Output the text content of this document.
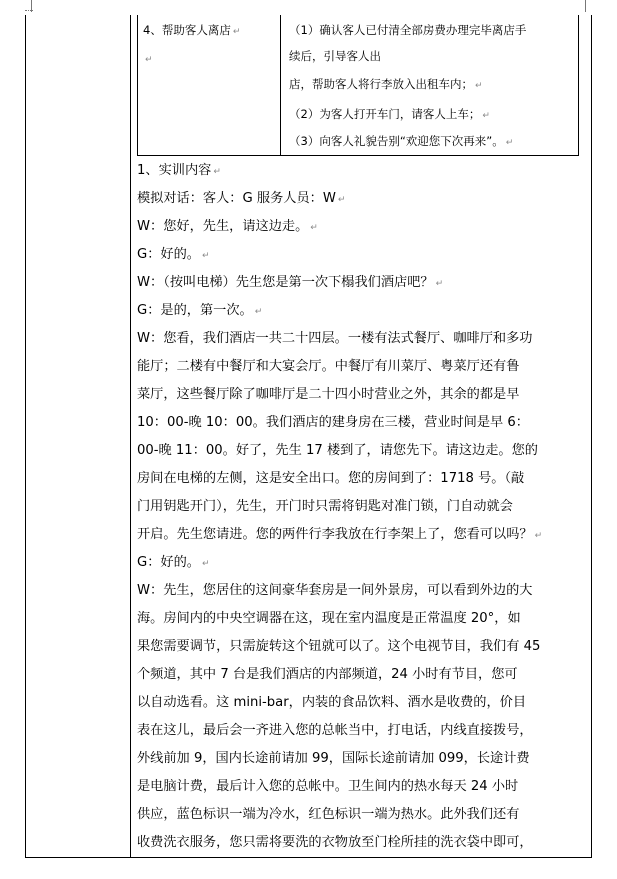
4、帮助客人离店 ↵
↵
（1）确认客人已付清全部房费办理完毕离店手
续后，引导客人出
店，帮助客人将行李放入出租车内； ↵
（2）为客人打开车门，请客人上车； ↵
（3）向客人礼貌告别“欢迎您下次再来”。 ↵
1、实训内容 ↵
模拟对话：客人：G 服务人员：W ↵
W：您好，先生，请这边走。 ↵
G：好的。 ↵
W：（按叫电梯）先生您是第一次下榻我们酒店吧？ ↵
G：是的，第一次。 ↵
W：您看，我们酒店一共二十四层。一楼有法式餐厅、咖啡厅和多功
能厅；二楼有中餐厅和大宴会厅。中餐厅有川菜厅、粤菜厅还有鲁
菜厅，这些餐厅除了咖啡厅是二十四小时营业之外，其余的都是早
10：00-晚 10：00。我们酒店的建身房在三楼，营业时间是早 6：
00-晚 11：00。好了，先生 17 楼到了，请您先下。请这边走。您的
房间在电梯的左侧，这是安全出口。您的房间到了：1718 号。（敲
门用钥匙开门），先生，开门时只需将钥匙对准门锁，门自动就会
开启。先生您请进。您的两件行李我放在行李架上了，您看可以吗？ ↵
G：好的。 ↵
W：先生，您居住的这间豪华套房是一间外景房，可以看到外边的大
海。房间内的中央空调器在这，现在室内温度是正常温度 20°，如
果您需要调节，只需旋转这个钮就可以了。这个电视节目，我们有 45
个频道，其中 7 台是我们酒店的内部频道，24 小时有节目，您可
以自动选看。这 mini-bar，内装的食品饮料、酒水是收费的，价目
表在这儿，最后会一齐进入您的总帐当中，打电话，内线直接拨号，
外线前加 9，国内长途前请加 99，国际长途前请加 099，长途计费
是电脑计费，最后计入您的总帐中。卫生间内的热水每天 24 小时
供应，蓝色标识一端为冷水，红色标识一端为热水。此外我们还有
收费洗衣服务，您只需将要洗的衣物放至门栓所挂的洗衣袋中即可，
